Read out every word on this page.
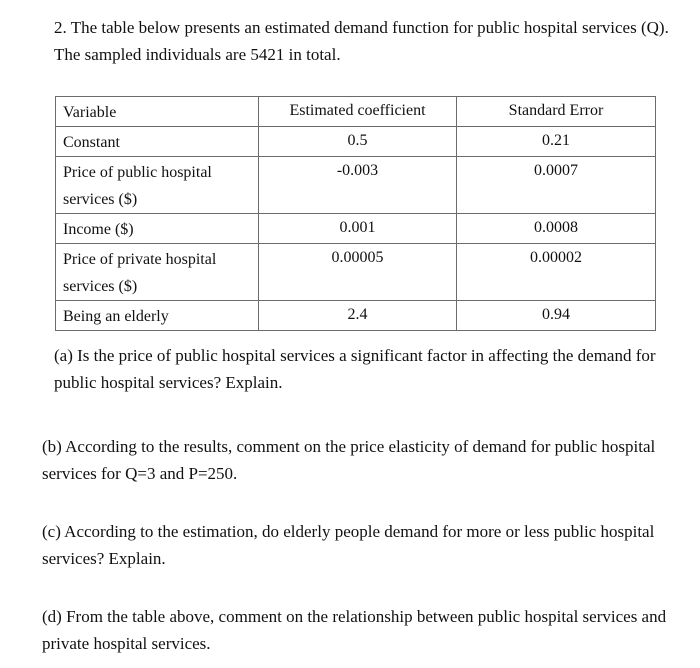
2. The table below presents an estimated demand function for public hospital services (Q). The sampled individuals are 5421 in total.

Variable	Estimated coefficient	Standard Error

Constant	0.5	0.21

Price of public hospital services ($)	-0.003	0.0007

Income ($)	0.001	0.0008

Price of private hospital services ($)	0.00005	0.00002

Being an elderly	2.4	0.94

(a) Is the price of public hospital services a significant factor in affecting the demand for public hospital services? Explain.

(b) According to the results, comment on the price elasticity of demand for public hospital services for Q=3 and P=250.

(c) According to the estimation, do elderly people demand for more or less public hospital services? Explain.

(d) From the table above, comment on the relationship between public hospital services and private hospital services.
